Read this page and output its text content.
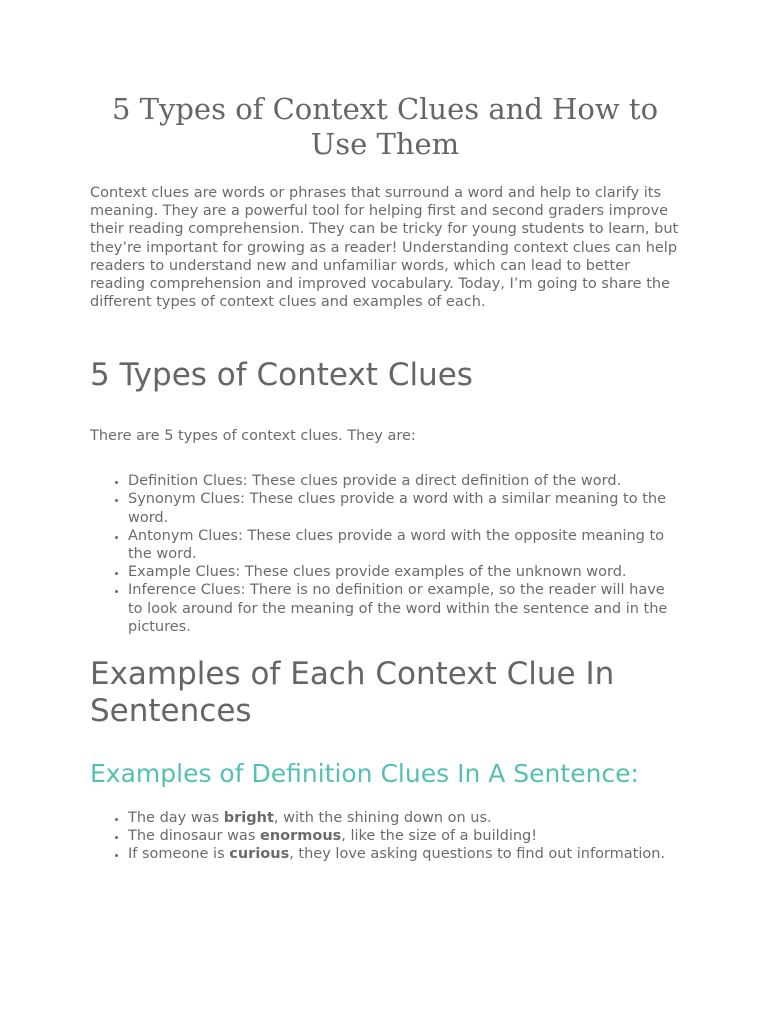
5 Types of Context Clues and How to Use Them

Context clues are words or phrases that surround a word and help to clarify its meaning. They are a powerful tool for helping first and second graders improve their reading comprehension. They can be tricky for young students to learn, but they’re important for growing as a reader! Understanding context clues can help readers to understand new and unfamiliar words, which can lead to better reading comprehension and improved vocabulary. Today, I’m going to share the different types of context clues and examples of each.

5 Types of Context Clues

There are 5 types of context clues. They are:

• Definition Clues: These clues provide a direct definition of the word.
• Synonym Clues: These clues provide a word with a similar meaning to the word.
• Antonym Clues: These clues provide a word with the opposite meaning to the word.
• Example Clues: These clues provide examples of the unknown word.
• Inference Clues: There is no definition or example, so the reader will have to look around for the meaning of the word within the sentence and in the pictures.
Examples of Each Context Clue In Sentences
Examples of Definition Clues In A Sentence:
• The day was bright, with the shining down on us.
• The dinosaur was enormous, like the size of a building!
• If someone is curious, they love asking questions to find out information.
